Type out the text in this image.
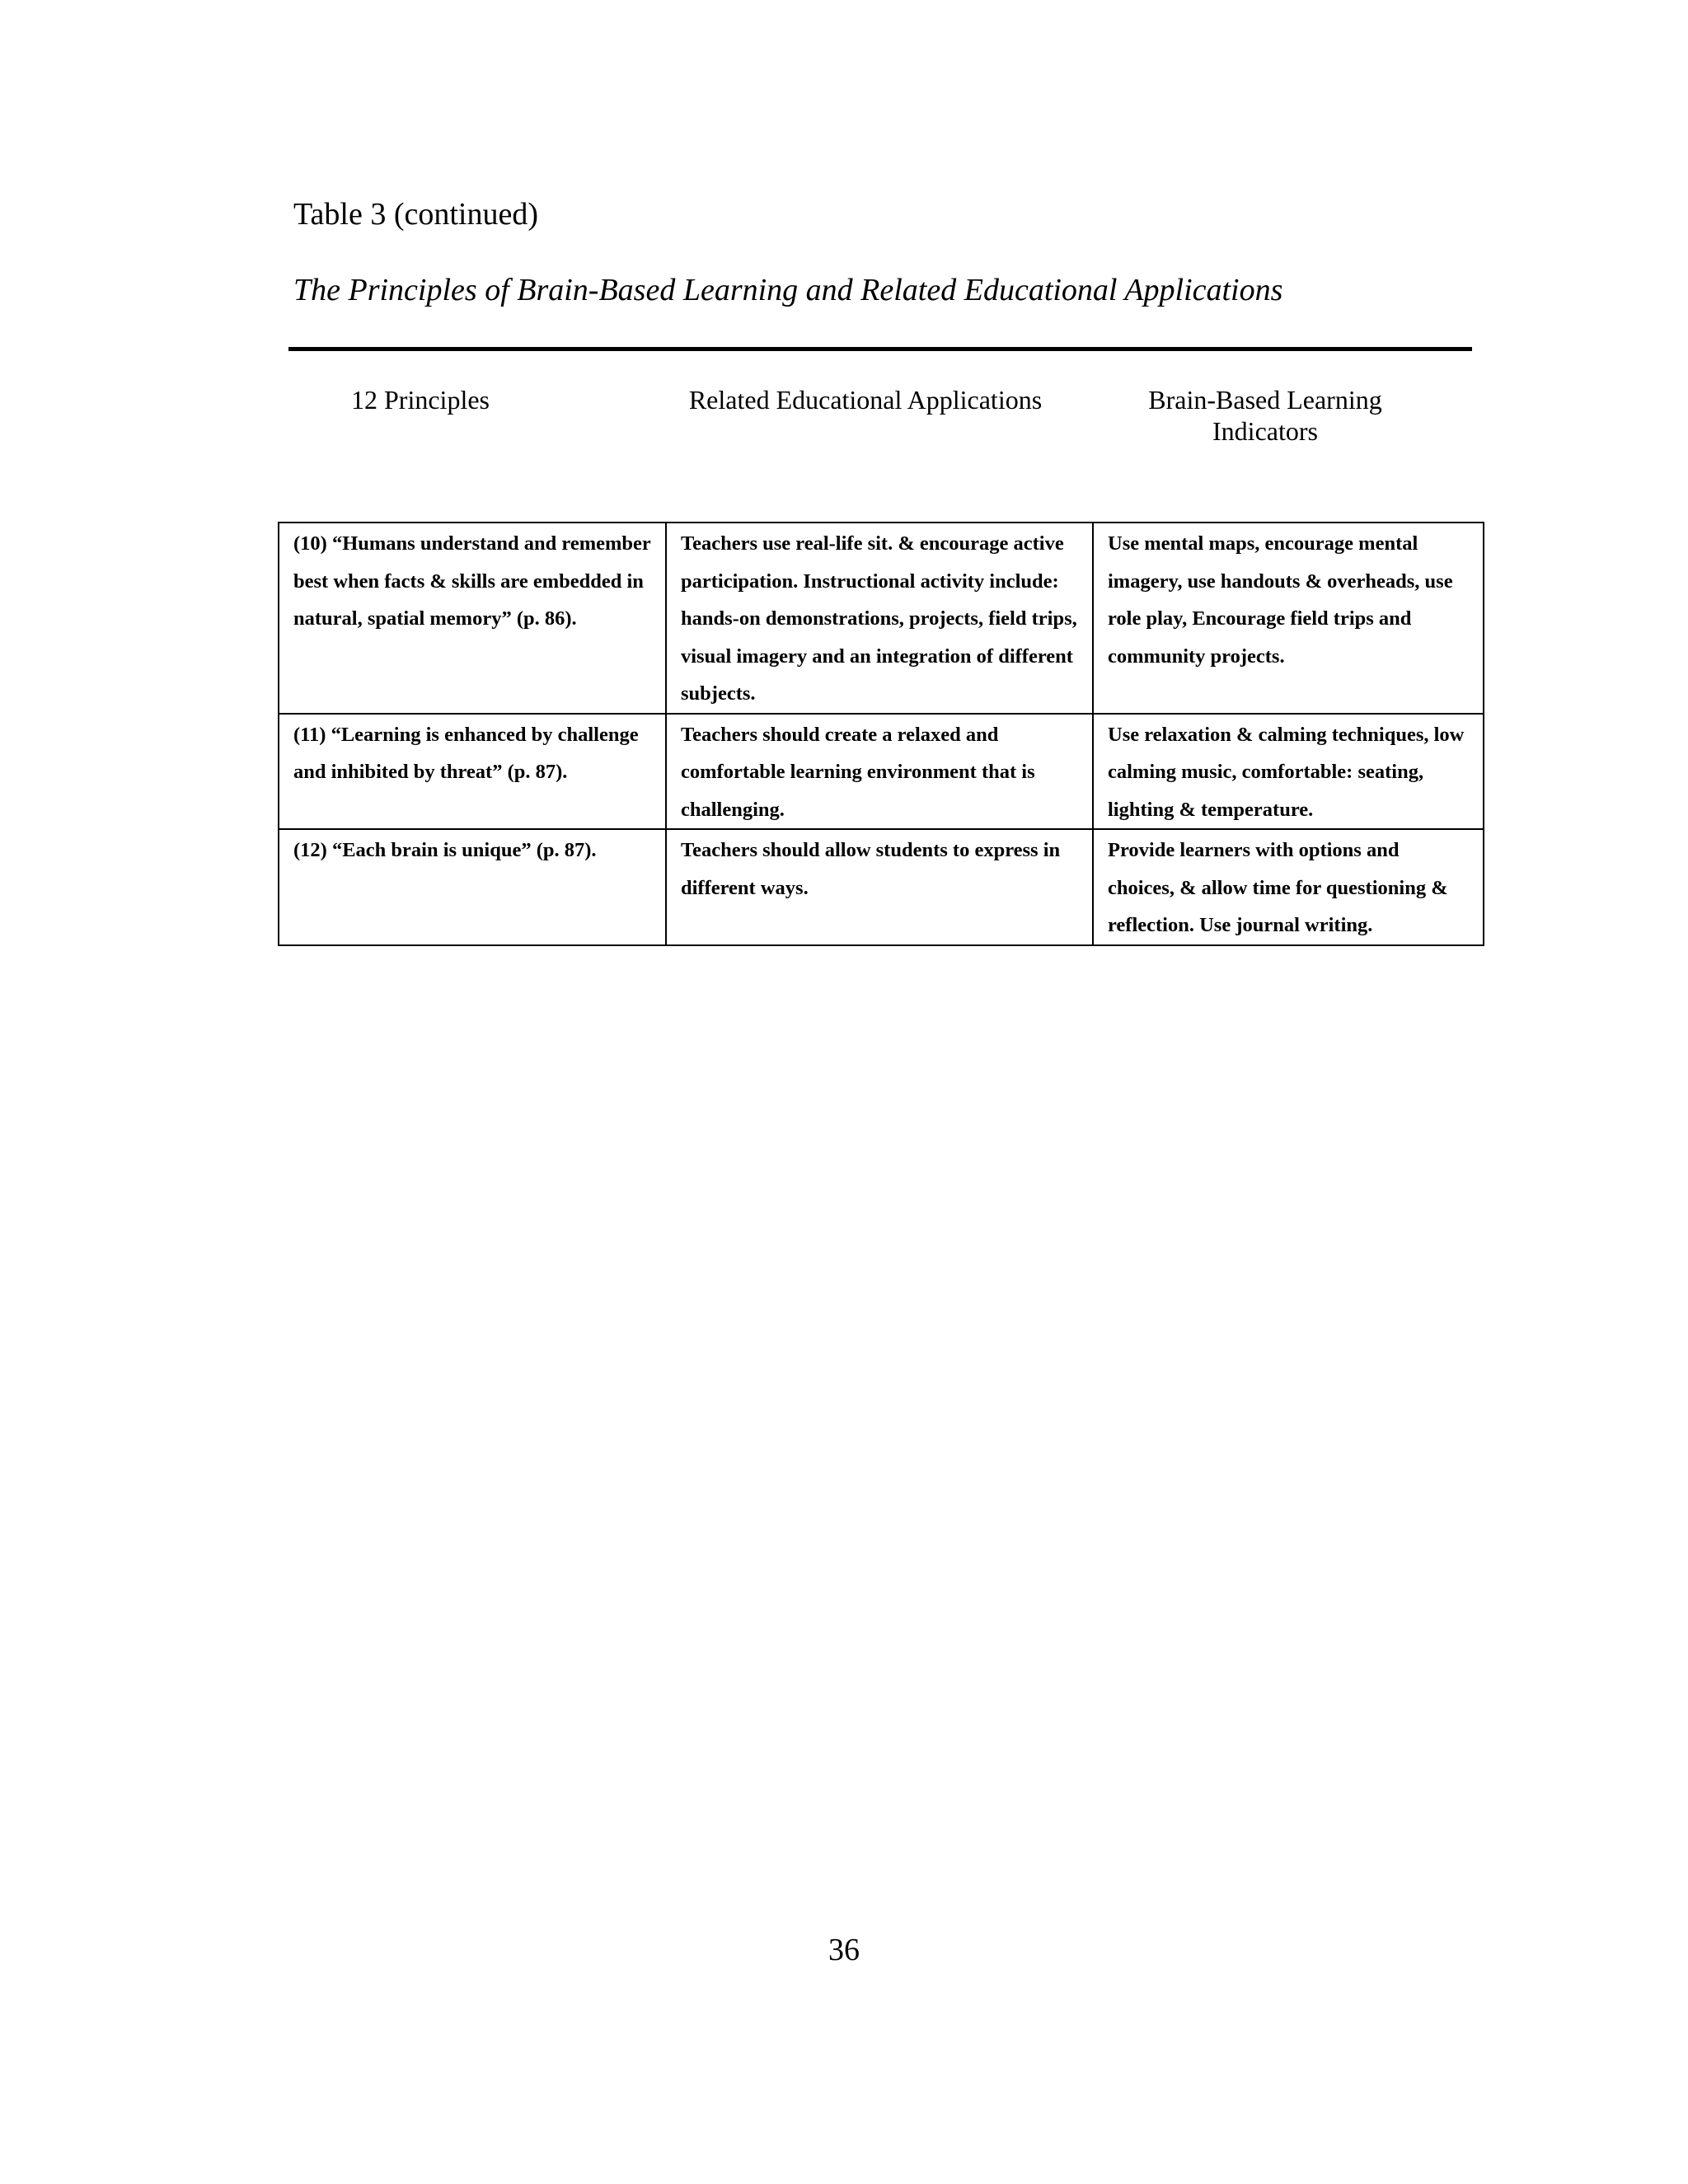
Table 3 (continued)
The Principles of Brain-Based Learning and Related Educational Applications
12 Principles	Related Educational Applications	Brain-Based Learning
Indicators
(10) “Humans understand and remember best when facts & skills are embedded in natural, spatial memory” (p. 86).	Teachers use real-life sit. & encourage active participation. Instructional activity include: hands-on demonstrations, projects, field trips, visual imagery and an integration of different subjects.	Use mental maps, encourage mental imagery, use handouts & overheads, use role play, Encourage field trips and community projects.
(11) “Learning is enhanced by challenge and inhibited by threat” (p. 87).	Teachers should create a relaxed and comfortable learning environment that is challenging.	Use relaxation & calming techniques, low calming music, comfortable: seating, lighting & temperature.
(12) “Each brain is unique” (p. 87).	Teachers should allow students to express in different ways.	Provide learners with options and choices, & allow time for questioning & reflection. Use journal writing.
36
